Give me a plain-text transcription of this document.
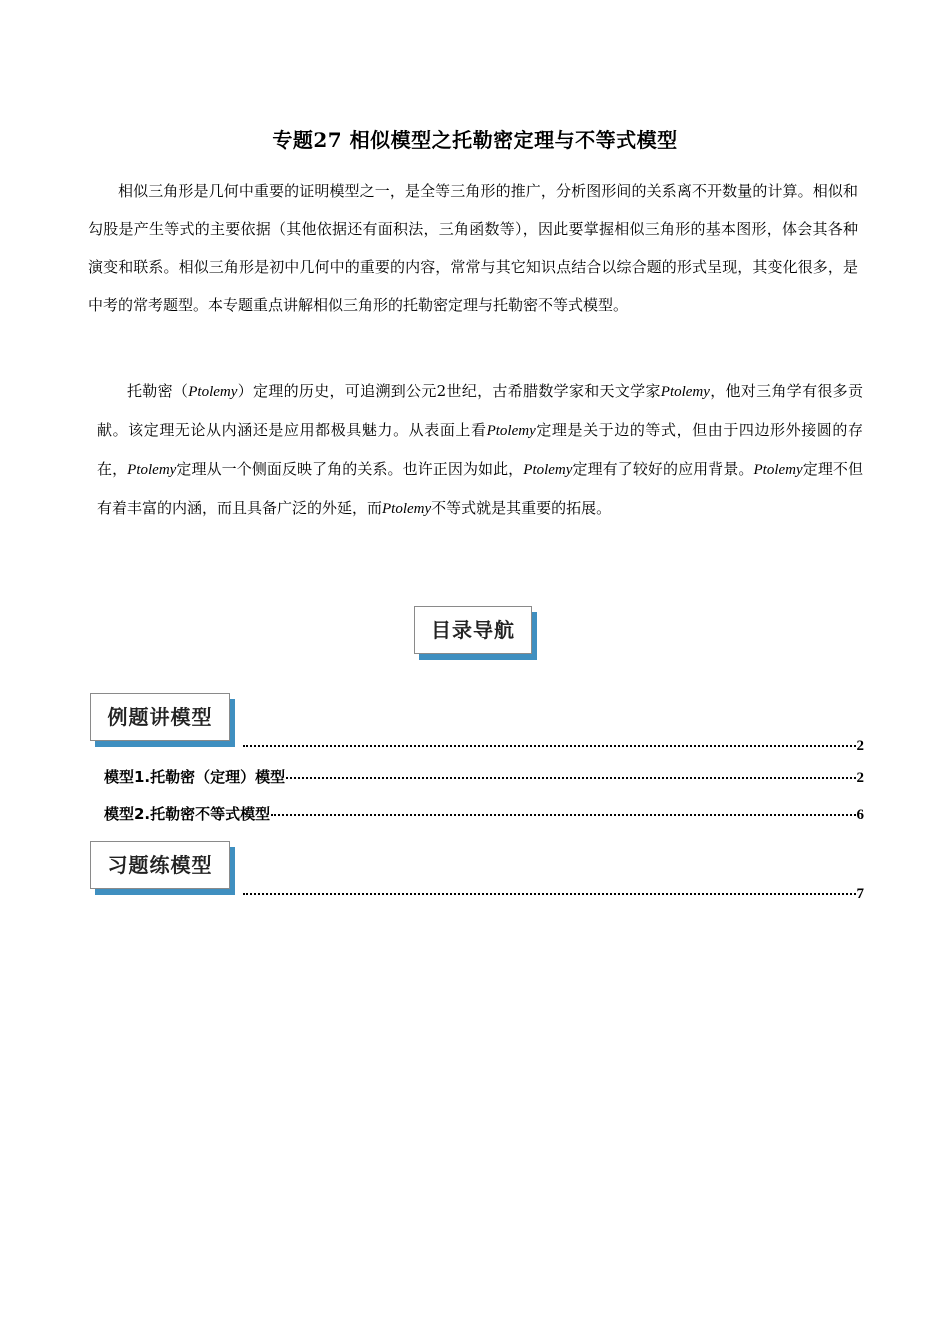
专题27 相似模型之托勒密定理与不等式模型

相似三角形是几何中重要的证明模型之一，是全等三角形的推广，分析图形间的关系离不开数量的计算。相似和勾股是产生等式的主要依据（其他依据还有面积法，三角函数等），因此要掌握相似三角形的基本图形，体会其各种演变和联系。相似三角形是初中几何中的重要的内容，常常与其它知识点结合以综合题的形式呈现，其变化很多，是中考的常考题型。本专题重点讲解相似三角形的托勒密定理与托勒密不等式模型。

托勒密（Ptolemy）定理的历史，可追溯到公元2世纪，古希腊数学家和天文学家Ptolemy，他对三角学有很多贡献。该定理无论从内涵还是应用都极具魅力。从表面上看Ptolemy定理是关于边的等式，但由于四边形外接圆的存在，Ptolemy定理从一个侧面反映了角的关系。也许正因为如此，Ptolemy定理有了较好的应用背景。Ptolemy定理不但有着丰富的内涵，而且具备广泛的外延，而Ptolemy不等式就是其重要的拓展。

目录导航
例题讲模型
2
模型1.托勒密（定理）模型	2
模型2.托勒密不等式模型	6
习题练模型
7
